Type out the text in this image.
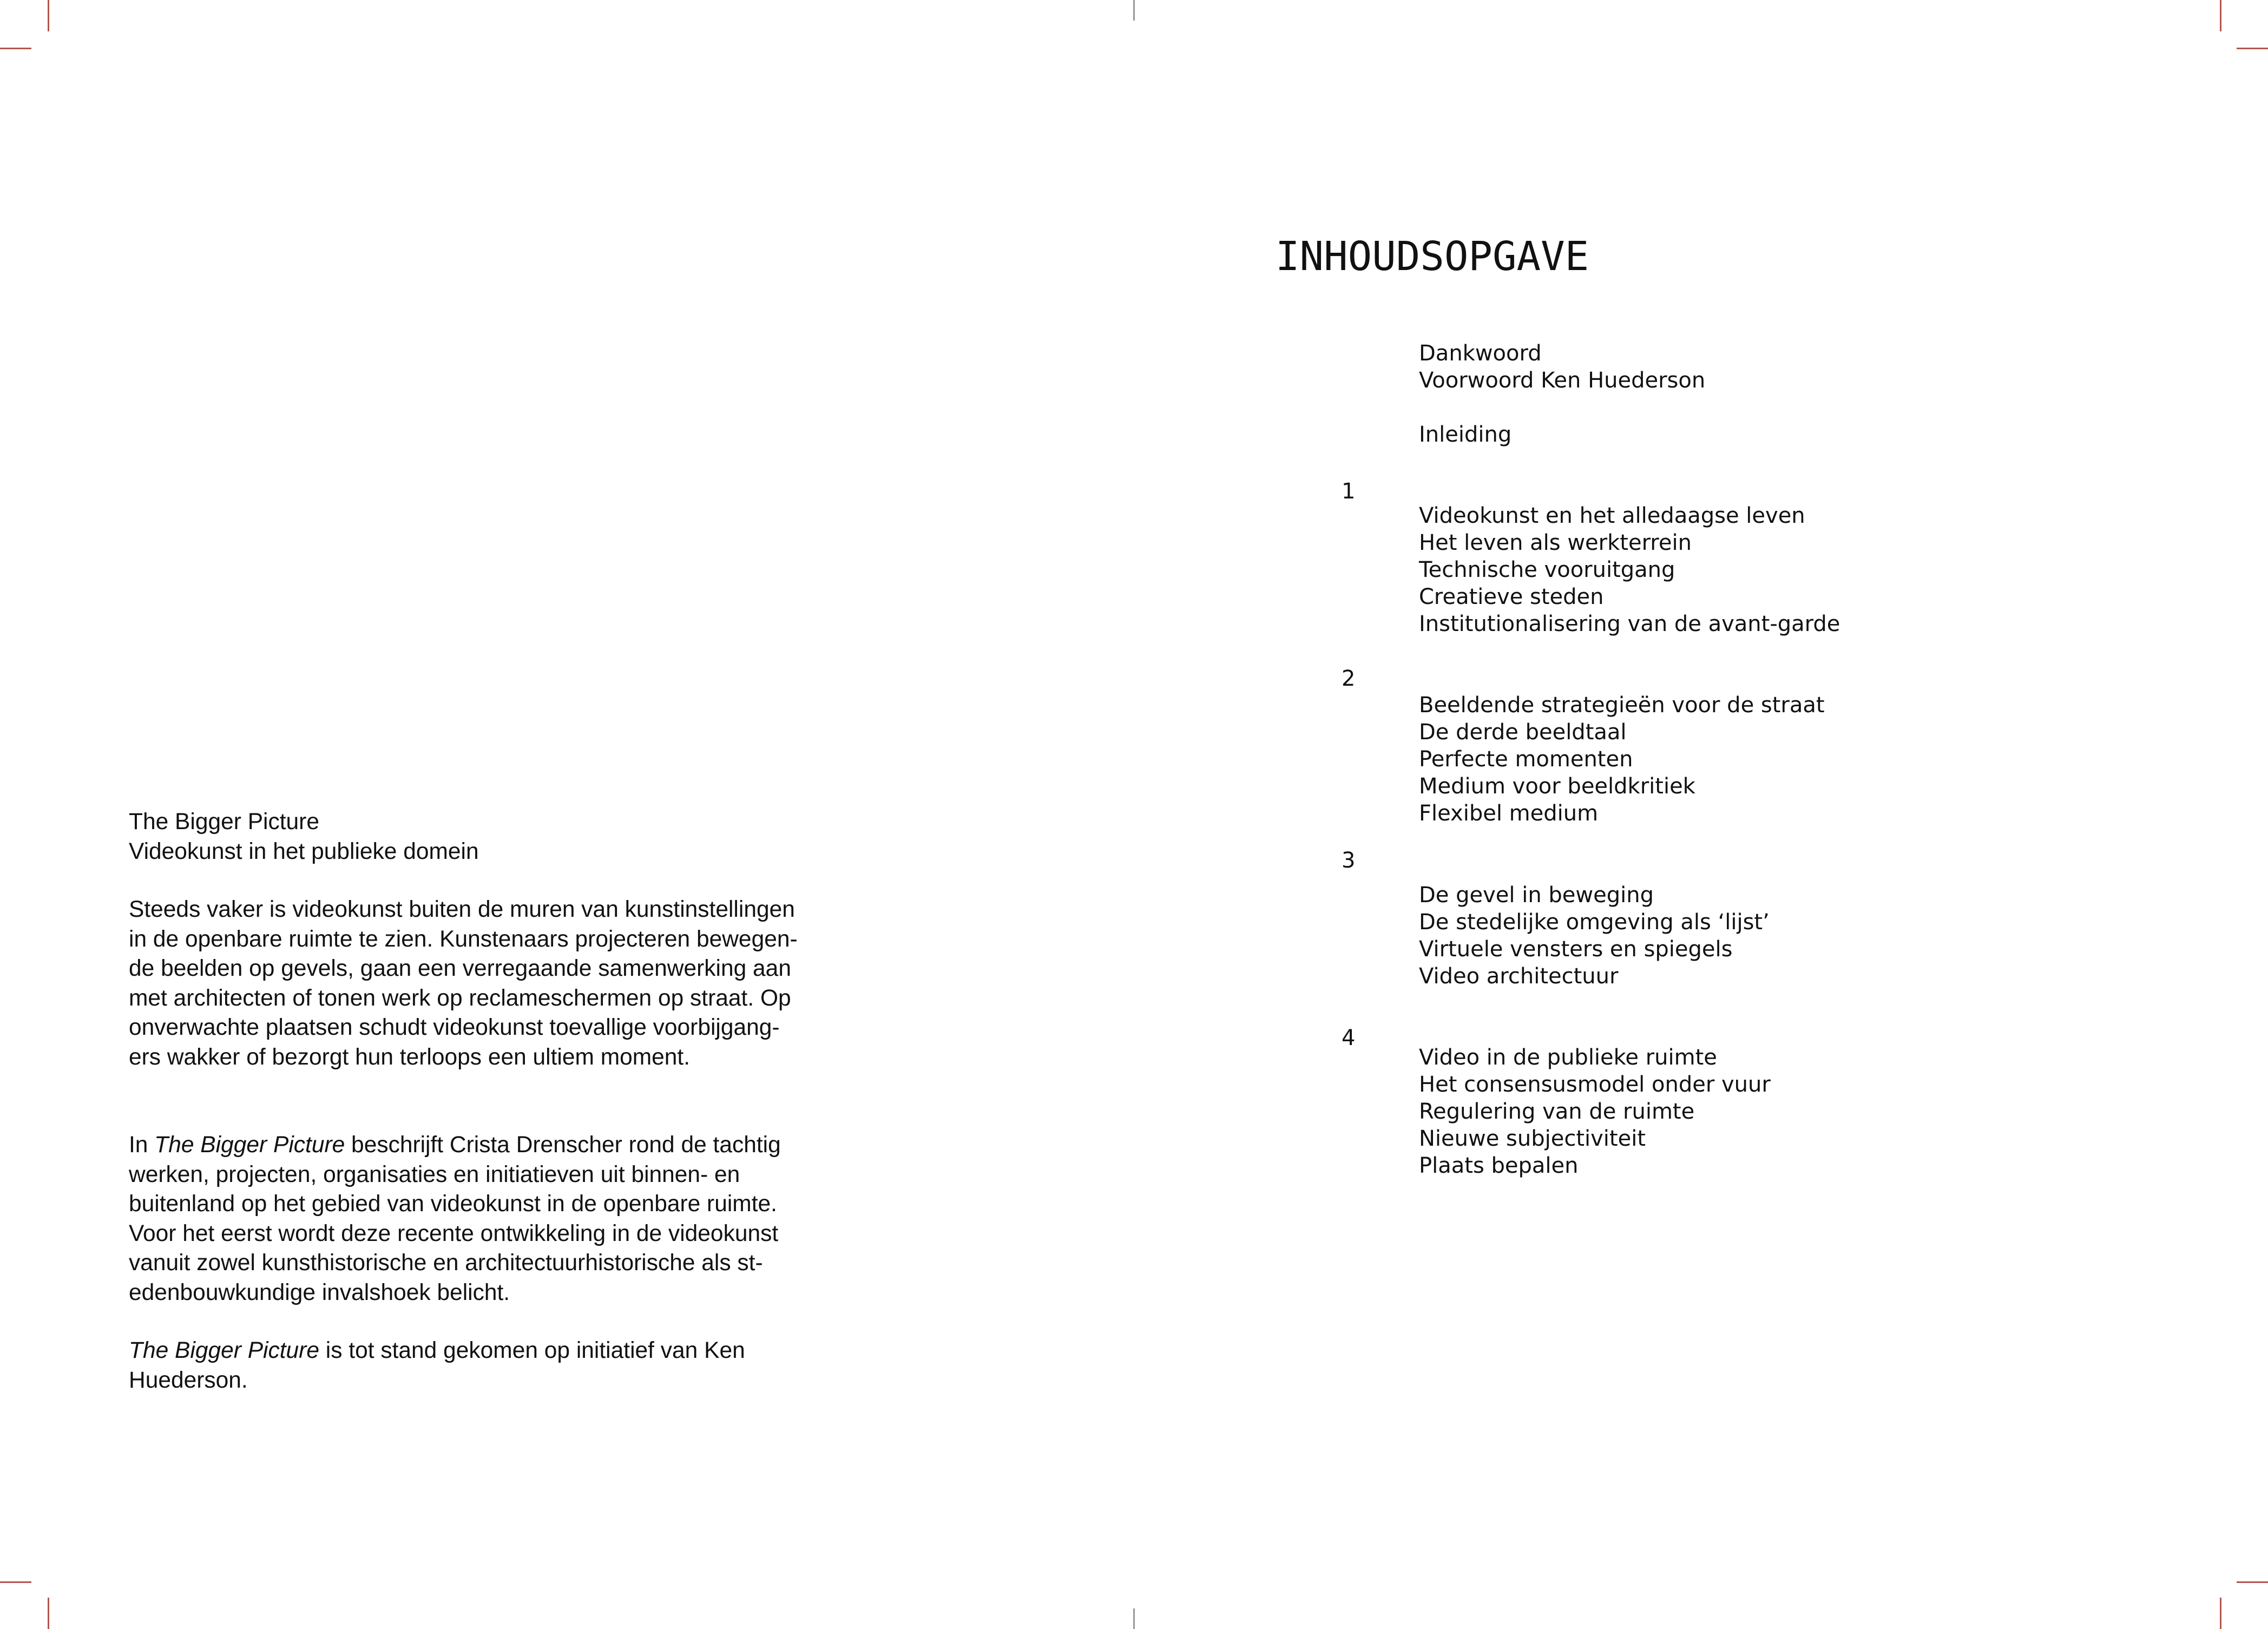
The Bigger Picture

Videokunst in het publieke domein

Steeds vaker is videokunst buiten de muren van kunstinstellingen
in de openbare ruimte te zien. Kunstenaars projecteren bewegen-
de beelden op gevels, gaan een verregaande samenwerking aan
met architecten of tonen werk op reclameschermen op straat. Op
onverwachte plaatsen schudt videokunst toevallige voorbijgang-
ers wakker of bezorgt hun terloops een ultiem moment.

In The Bigger Picture beschrijft Crista Drenscher rond de tachtig
werken, projecten, organisaties en initiatieven uit binnen- en
buitenland op het gebied van videokunst in de openbare ruimte.
Voor het eerst wordt deze recente ontwikkeling in de videokunst
vanuit zowel kunsthistorische en architectuurhistorische als st-
edenbouwkundige invalshoek belicht.

The Bigger Picture is tot stand gekomen op initiatief van Ken
Huederson.

INHOUDSOPGAVE
Dankwoord
Voorwoord Ken Huederson
Inleiding
1
Videokunst en het alledaagse leven
Het leven als werkterrein
Technische vooruitgang
Creatieve steden
Institutionalisering van de avant-garde
2
Beeldende strategieën voor de straat
De derde beeldtaal
Perfecte momenten
Medium voor beeldkritiek
Flexibel medium
3
De gevel in beweging
De stedelijke omgeving als ‘lijst’
Virtuele vensters en spiegels
Video architectuur
4
Video in de publieke ruimte
Het consensusmodel onder vuur
Regulering van de ruimte
Nieuwe subjectiviteit
Plaats bepalen
